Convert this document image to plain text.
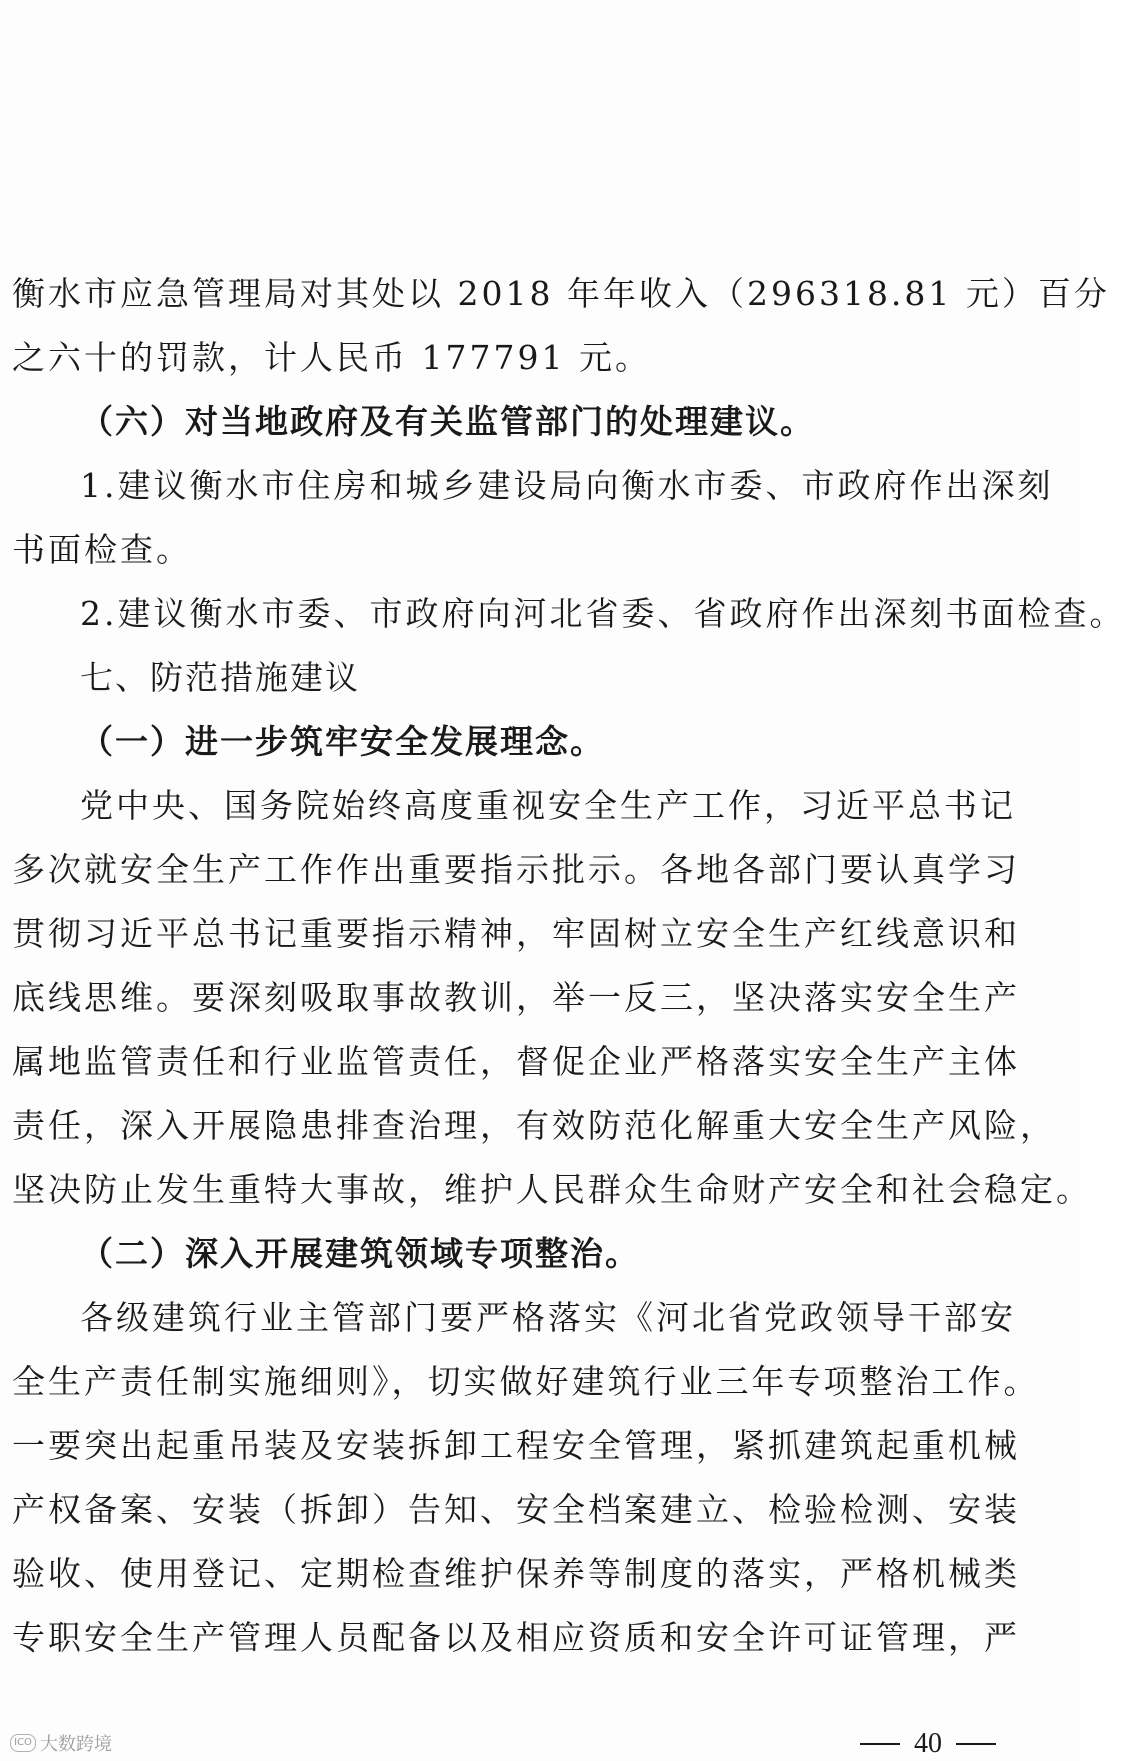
衡水市应急管理局对其处以 2018 年年收入（296318.81 元）百分
之六十的罚款，计人民币 177791 元。
（六）对当地政府及有关监管部门的处理建议。
1.建议衡水市住房和城乡建设局向衡水市委、市政府作出深刻
书面检查。
2.建议衡水市委、市政府向河北省委、省政府作出深刻书面检查。
七、防范措施建议
（一）进一步筑牢安全发展理念。
党中央、国务院始终高度重视安全生产工作，习近平总书记
多次就安全生产工作作出重要指示批示。各地各部门要认真学习
贯彻习近平总书记重要指示精神，牢固树立安全生产红线意识和
底线思维。要深刻吸取事故教训，举一反三，坚决落实安全生产
属地监管责任和行业监管责任，督促企业严格落实安全生产主体
责任，深入开展隐患排查治理，有效防范化解重大安全生产风险，
坚决防止发生重特大事故，维护人民群众生命财产安全和社会稳定。
（二）深入开展建筑领域专项整治。
各级建筑行业主管部门要严格落实《河北省党政领导干部安
全生产责任制实施细则》，切实做好建筑行业三年专项整治工作。
一要突出起重吊装及安装拆卸工程安全管理，紧抓建筑起重机械
产权备案、安装（拆卸）告知、安全档案建立、检验检测、安装
验收、使用登记、定期检查维护保养等制度的落实，严格机械类
专职安全生产管理人员配备以及相应资质和安全许可证管理，严
ICO 大数跨境	40
